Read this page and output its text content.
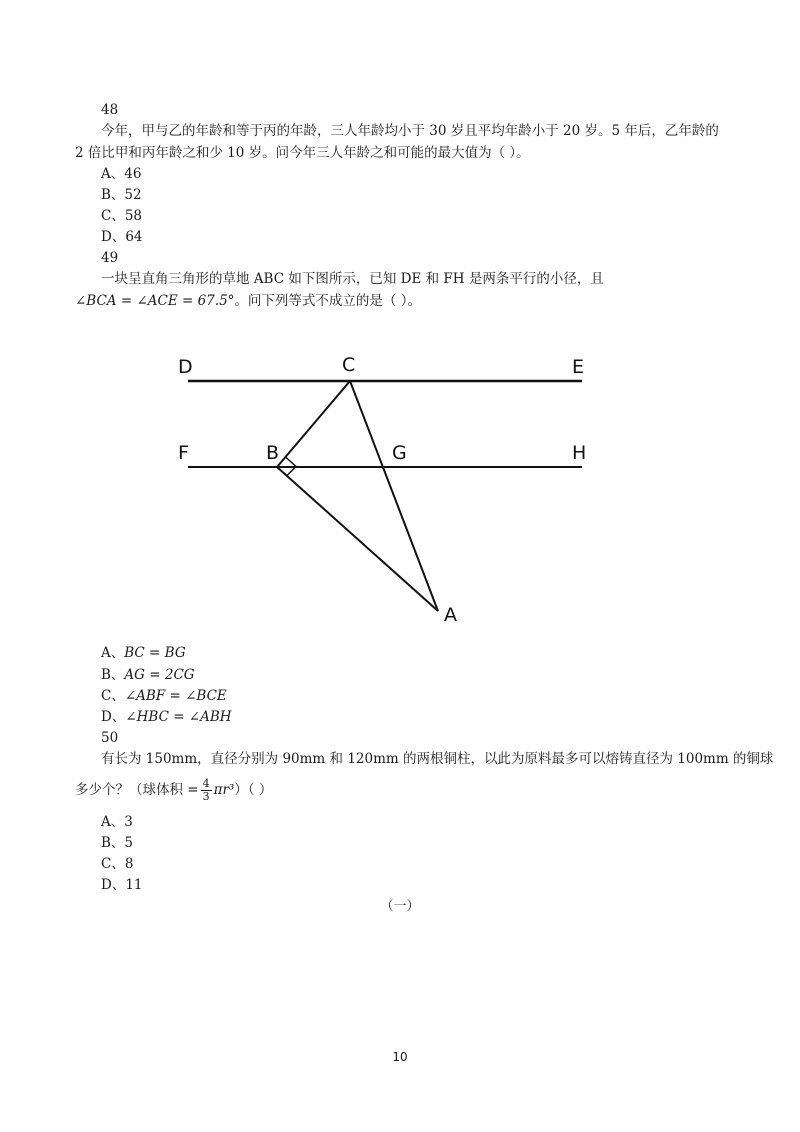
48
今年，甲与乙的年龄和等于丙的年龄，三人年龄均小于 30 岁且平均年龄小于 20 岁。5 年后，乙年龄的
2 倍比甲和丙年龄之和少 10 岁。问今年三人年龄之和可能的最大值为（ ）。
A、46
B、52
C、58
D、64
49
一块呈直角三角形的草地 ABC 如下图所示，已知 DE 和 FH 是两条平行的小径，且
∠BCA = ∠ACE = 67.5°。问下列等式不成立的是（ ）。
D	C	E
F	B	G	H
A
A、BC = BG
B、AG = 2CG
C、∠ABF = ∠BCE
D、∠HBC = ∠ABH
50
有长为 150mm，直径分别为 90mm 和 120mm 的两根铜柱，以此为原料最多可以熔铸直径为 100mm 的铜球
多少个？（球体积 = $\frac{4}{3} \pi r^3$）（ ）
A、3
B、5
C、8
D、11
（一）
10
